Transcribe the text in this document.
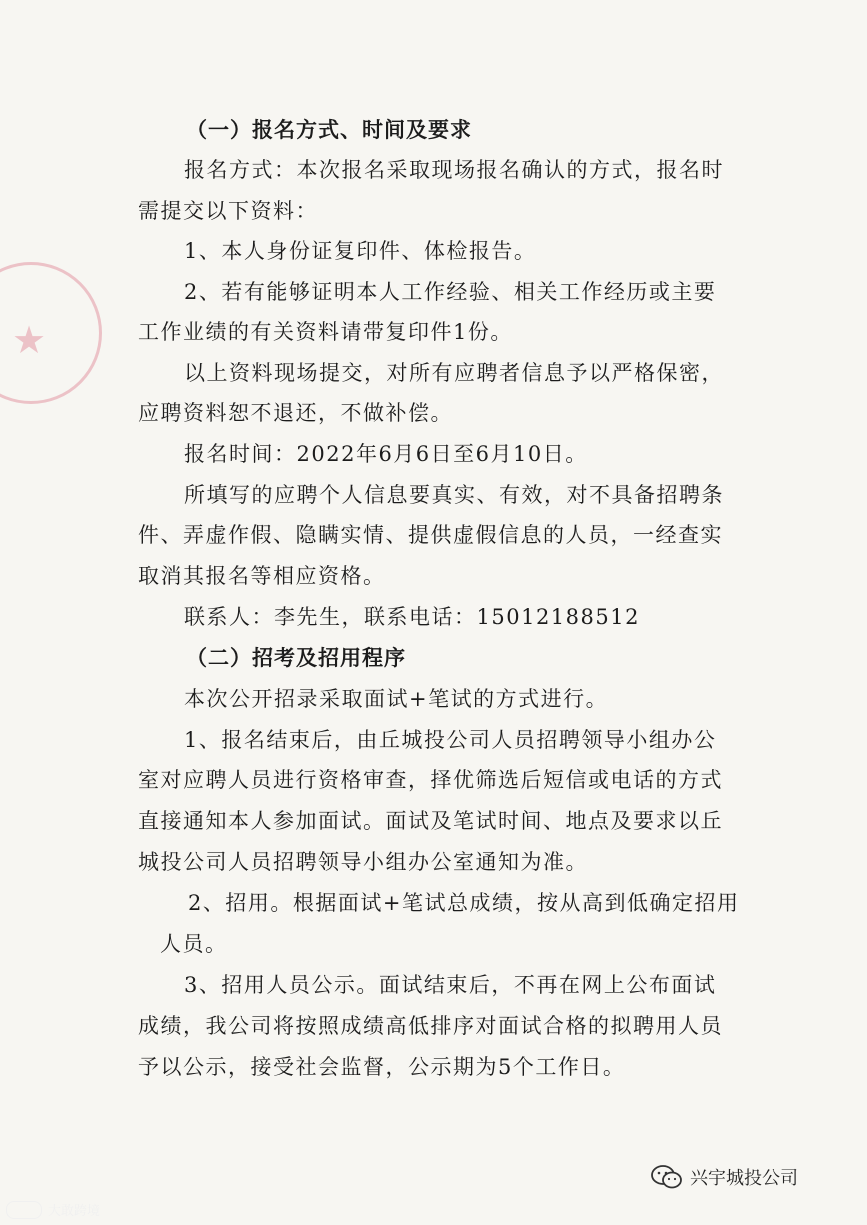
★
（一）报名方式、时间及要求
报名方式：本次报名采取现场报名确认的方式，报名时
需提交以下资料：
1、本人身份证复印件、体检报告。
2、若有能够证明本人工作经验、相关工作经历或主要
工作业绩的有关资料请带复印件1份。
以上资料现场提交，对所有应聘者信息予以严格保密，
应聘资料恕不退还，不做补偿。
报名时间：2022年6月6日至6月10日。
所填写的应聘个人信息要真实、有效，对不具备招聘条
件、弄虚作假、隐瞒实情、提供虚假信息的人员，一经查实
取消其报名等相应资格。
联系人：李先生，联系电话：15012188512
（二）招考及招用程序
本次公开招录采取面试+笔试的方式进行。
1、报名结束后，由丘城投公司人员招聘领导小组办公
室对应聘人员进行资格审查，择优筛选后短信或电话的方式
直接通知本人参加面试。面试及笔试时间、地点及要求以丘
城投公司人员招聘领导小组办公室通知为准。
2、招用。根据面试+笔试总成绩，按从高到低确定招用
人员。
3、招用人员公示。面试结束后，不再在网上公布面试
成绩，我公司将按照成绩高低排序对面试合格的拟聘用人员
予以公示，接受社会监督，公示期为5个工作日。
兴宇城投公司
大敢跨境
